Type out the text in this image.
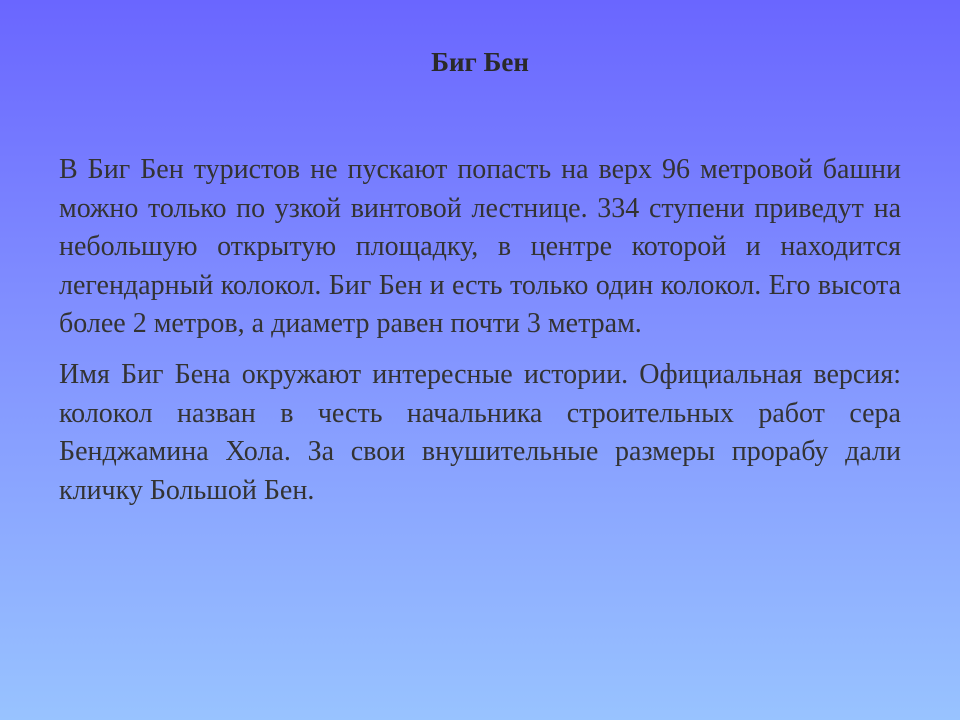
Биг Бен

В Биг Бен туристов не пускают попасть на верх 96 метровой башни можно только по узкой винтовой лестнице. 334 ступени приведут на небольшую открытую площадку, в центре которой и находится легендарный колокол. Биг Бен и есть только один колокол. Его высота более 2 метров, а диаметр равен почти 3 метрам.

Имя Биг Бена окружают интересные истории. Официальная версия: колокол назван в честь начальника строительных работ сера Бенджамина Хола. За свои внушительные размеры прорабу дали кличку Большой Бен.
